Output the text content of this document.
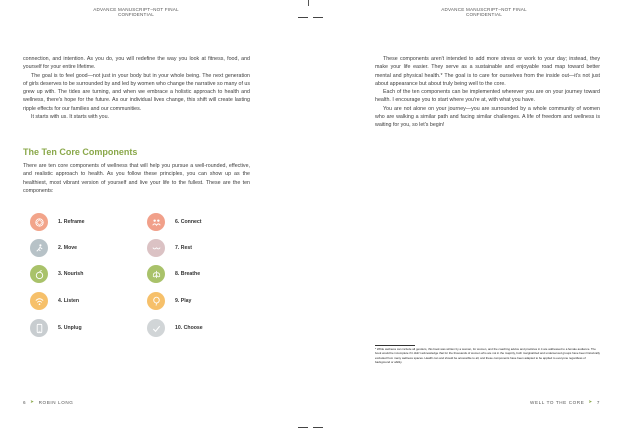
ADVANCE MANUSCRIPT–NOT FINAL
CONFIDENTIAL

connection, and intention. As you do, you will redefine the way you look at fitness, food, and yourself for your entire lifetime.

The goal is to feel good—not just in your body but in your whole being. The next generation of girls deserves to be surrounded by and led by women who change the narrative so many of us grew up with. The tides are turning, and when we embrace a holistic approach to health and wellness, there's hope for the future. As our individual lives change, this shift will create lasting ripple effects for our families and our communities.

It starts with us. It starts with you.

The Ten Core Components
There are ten core components of wellness that will help you pursue a well-rounded, effective, and realistic approach to health. As you follow these principles, you can show up as the healthiest, most vibrant version of yourself and live your life to the fullest. These are the ten components:
1. Reframe
2. Move
3. Nourish
4. Listen
5. Unplug
6. Connect
7. Rest
8. Breathe
9. Play
10. Choose
6 ➤ ROBIN LONG
ADVANCE MANUSCRIPT–NOT FINAL
CONFIDENTIAL

These components aren't intended to add more stress or work to your day; instead, they make your life easier. They serve as a sustainable and enjoyable road map toward better mental and physical health.* The goal is to care for ourselves from the inside out—it's not just about appearance but about truly being well to the core.

Each of the ten components can be implemented wherever you are on your journey toward health. I encourage you to start where you're at, with what you have.

You are not alone on your journey—you are surrounded by a whole community of women who are walking a similar path and facing similar challenges. A life of freedom and wellness is waiting for you, so let's begin!

* While wellness can include all genders, this book was written by a woman, for women, and the coaching advice and practices in it are addressed to a female audience. The book would be incomplete if it didn't acknowledge that for the thousands of women who are not in the majority, both marginalized and underserved groups have been historically excluded from many wellness spaces. Health can and should be accessible to all, and these components have been adapted to be applied to everyone regardless of background or ability.
WELL TO THE CORE ➤ 7
